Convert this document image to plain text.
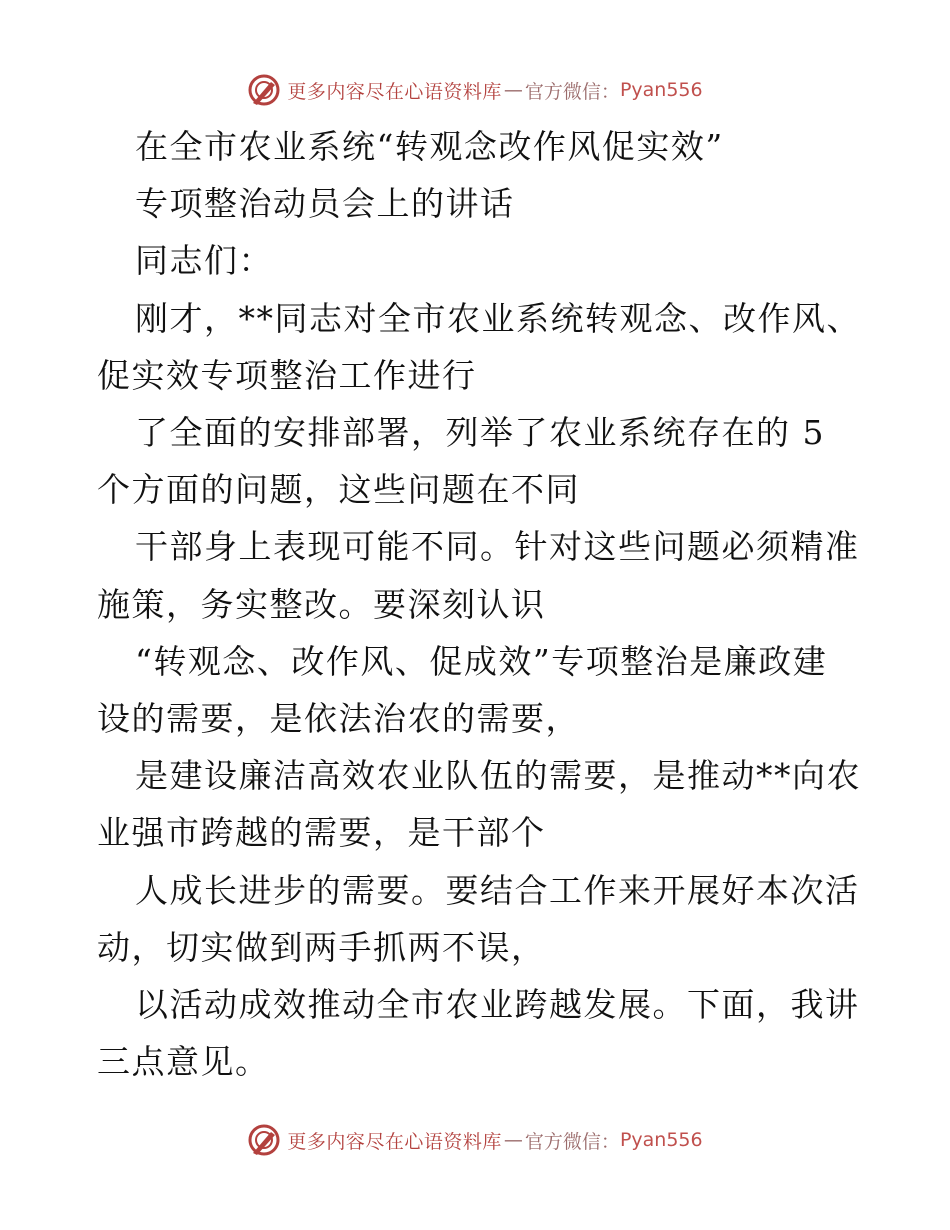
更多内容尽在心语资料库 — 官方微信： Pyan556
在全市农业系统“转观念改作风促实效”
专项整治动员会上的讲话
同志们：
刚才，**同志对全市农业系统转观念、改作风、
促实效专项整治工作进行
了全面的安排部署，列举了农业系统存在的 5
个方面的问题，这些问题在不同
干部身上表现可能不同。针对这些问题必须精准
施策，务实整改。要深刻认识
“转观念、改作风、促成效”专项整治是廉政建
设的需要，是依法治农的需要，
是建设廉洁高效农业队伍的需要，是推动**向农
业强市跨越的需要，是干部个
人成长进步的需要。要结合工作来开展好本次活
动，切实做到两手抓两不误，
以活动成效推动全市农业跨越发展。下面，我讲
三点意见。
更多内容尽在心语资料库 — 官方微信： Pyan556
